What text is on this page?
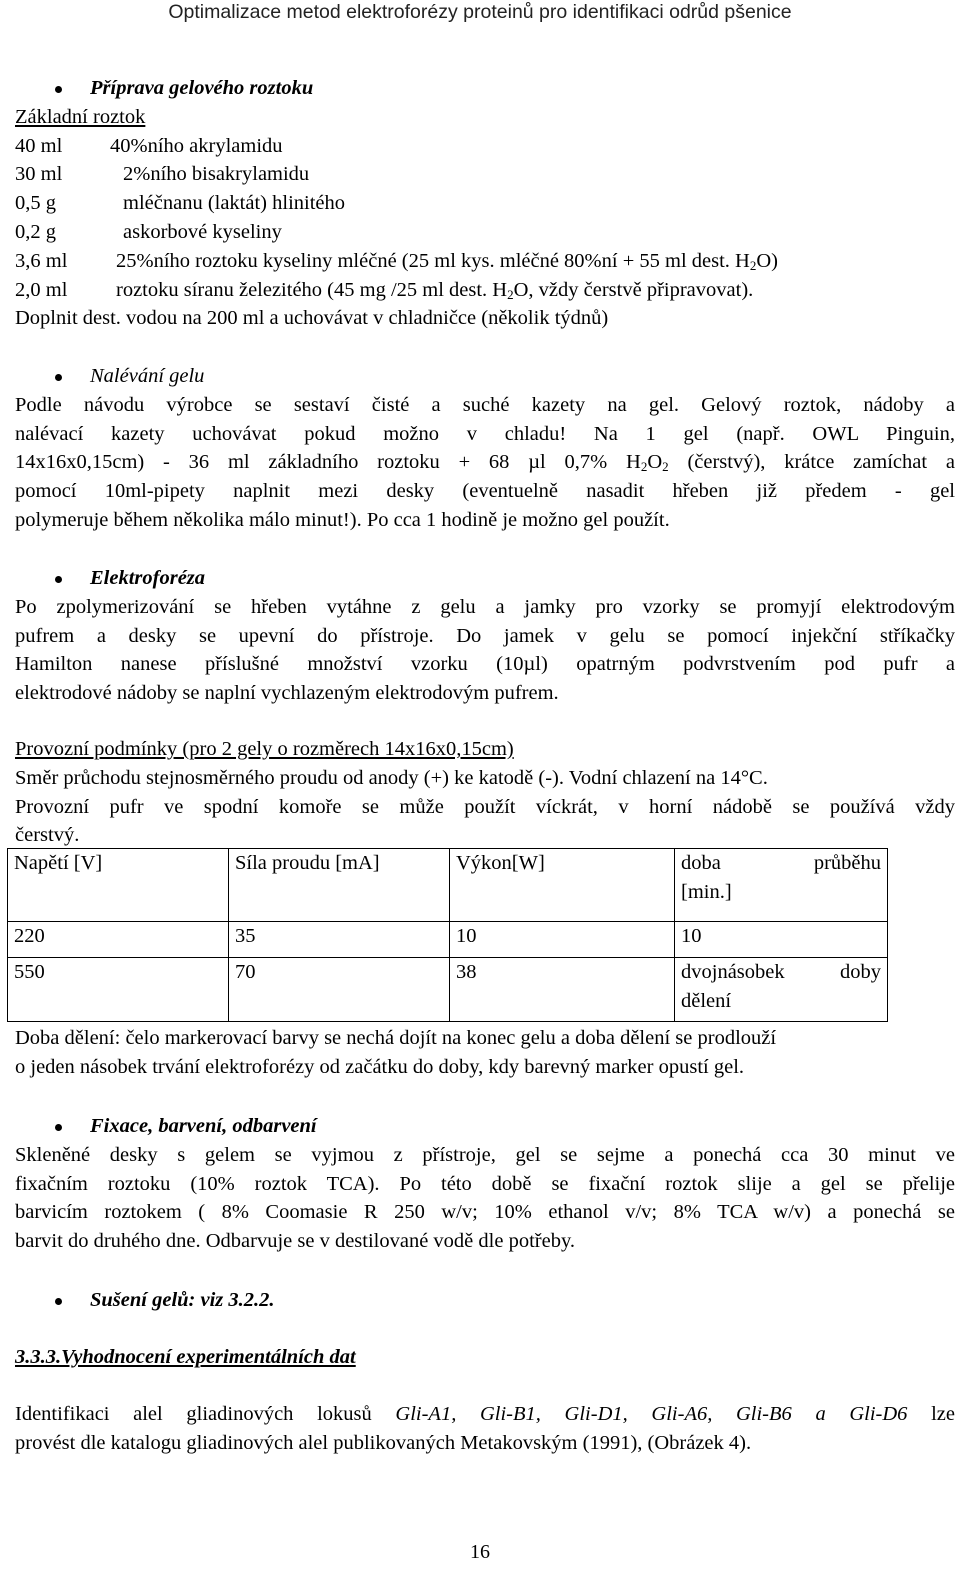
Optimalizace metod elektroforézy proteinů pro identifikaci odrůd pšenice
Příprava gelového roztoku
Základní roztok
40 ml 40%ního akrylamidu
30 ml	2%ního bisakrylamidu
0,5 g	mléčnanu (laktát) hlinitého
0,2 g	askorbové kyseliny
3,6 ml 25%ního roztoku kyseliny mléčné (25 ml kys. mléčné 80%ní + 55 ml dest. $H_2O$)
2,0 ml roztoku síranu železitého (45 mg /25 ml dest. $H_2O$, vždy čerstvě připravovat).
Doplnit dest. vodou na 200 ml a uchovávat v chladničce (několik týdnů)
Nalévání gelu
Podle návodu výrobce se sestaví čisté a suché kazety na gel. Gelový roztok, nádoby a
nalévací kazety uchovávat pokud možno v chladu! Na 1 gel (např. OWL Pinguin,
14x16x0,15cm) - 36 ml základního roztoku + 68 µl 0,7% $H_2O_2$ (čerstvý), krátce zamíchat a
pomocí 10ml-pipety naplnit mezi desky (eventuelně nasadit hřeben již předem - gel
polymeruje během několika málo minut!). Po cca 1 hodině je možno gel použít.
Elektroforéza
Po zpolymerizování se hřeben vytáhne z gelu a jamky pro vzorky se promyjí elektrodovým
pufrem a desky se upevní do přístroje. Do jamek v gelu se pomocí injekční stříkačky
Hamilton nanese příslušné množství vzorku (10µl) opatrným podvrstvením pod pufr a
elektrodové nádoby se naplní vychlazeným elektrodovým pufrem.
Provozní podmínky (pro 2 gely o rozměrech 14x16x0,15cm)
Směr průchodu stejnosměrného proudu od anody (+) ke katodě (-). Vodní chlazení na 14°C.
Provozní pufr ve spodní komoře se může použít víckrát, v horní nádobě se používá vždy
čerstvý.
Napětí [V]	Síla proudu [mA]	Výkon[W]	doba průběhu
[min.]

220	35	10	10
550	70	38	dvojnásobek doby
dělení
Doba dělení: čelo markerovací barvy se nechá dojít na konec gelu a doba dělení se prodlouží
o jeden násobek trvání elektroforézy od začátku do doby, kdy barevný marker opustí gel.
Fixace, barvení, odbarvení
Skleněné desky s gelem se vyjmou z přístroje, gel se sejme a ponechá cca 30 minut ve
fixačním roztoku (10% roztok TCA). Po této době se fixační roztok slije a gel se přelije
barvicím roztokem ( 8% Coomasie R 250 w/v; 10% ethanol v/v; 8% TCA w/v) a ponechá se
barvit do druhého dne. Odbarvuje se v destilované vodě dle potřeby.
Sušení gelů: viz 3.2.2.
3.3.3.Vyhodnocení experimentálních dat
Identifikaci alel gliadinových lokusů Gli-A1, Gli-B1, Gli-D1, Gli-A6, Gli-B6 a Gli-D6 lze
provést dle katalogu gliadinových alel publikovaných Metakovským (1991), (Obrázek 4).
16
